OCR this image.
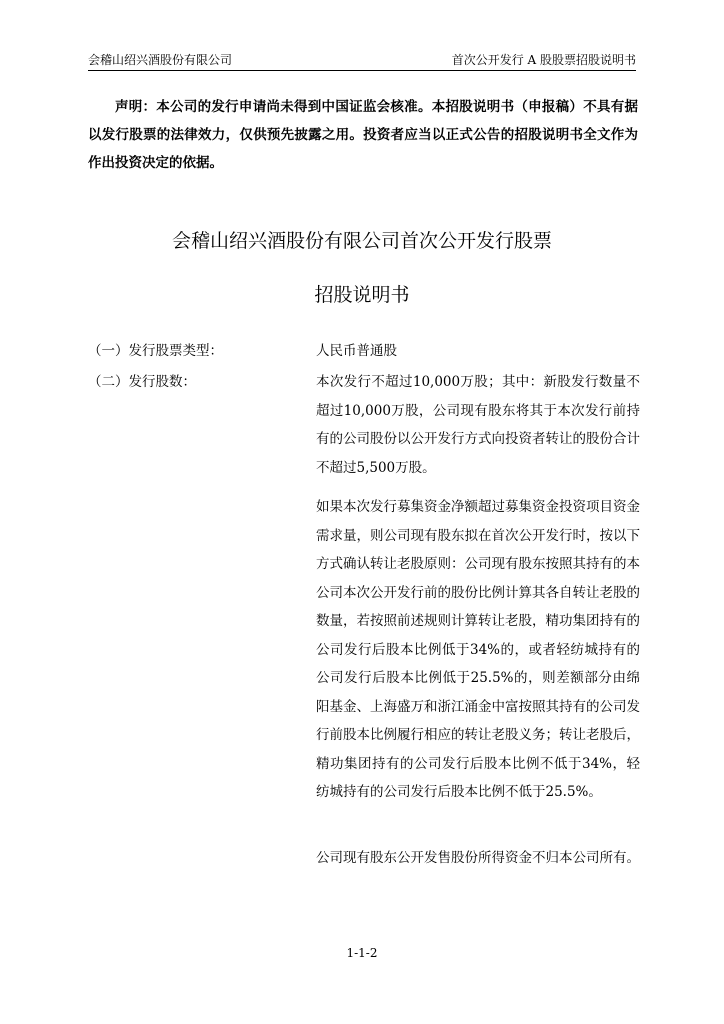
会稽山绍兴酒股份有限公司	首次公开发行 A 股股票招股说明书
声明：本公司的发行申请尚未得到中国证监会核准。本招股说明书（申报稿）不具有据以发行股票的法律效力，仅供预先披露之用。投资者应当以正式公告的招股说明书全文作为作出投资决定的依据。
会稽山绍兴酒股份有限公司首次公开发行股票
招股说明书
（一）发行股票类型：	人民币普通股
（二）发行股数：	本次发行不超过10,000万股；其中：新股发行数量不超过10,000万股，公司现有股东将其于本次发行前持有的公司股份以公开发行方式向投资者转让的股份合计不超过5,500万股。
如果本次发行募集资金净额超过募集资金投资项目资金需求量，则公司现有股东拟在首次公开发行时，按以下方式确认转让老股原则：公司现有股东按照其持有的本公司本次公开发行前的股份比例计算其各自转让老股的数量，若按照前述规则计算转让老股，精功集团持有的公司发行后股本比例低于34%的，或者轻纺城持有的公司发行后股本比例低于25.5%的，则差额部分由绵阳基金、上海盛万和浙江涌金中富按照其持有的公司发行前股本比例履行相应的转让老股义务；转让老股后，精功集团持有的公司发行后股本比例不低于34%，轻纺城持有的公司发行后股本比例不低于25.5%。
公司现有股东公开发售股份所得资金不归本公司所有。
1-1-2
